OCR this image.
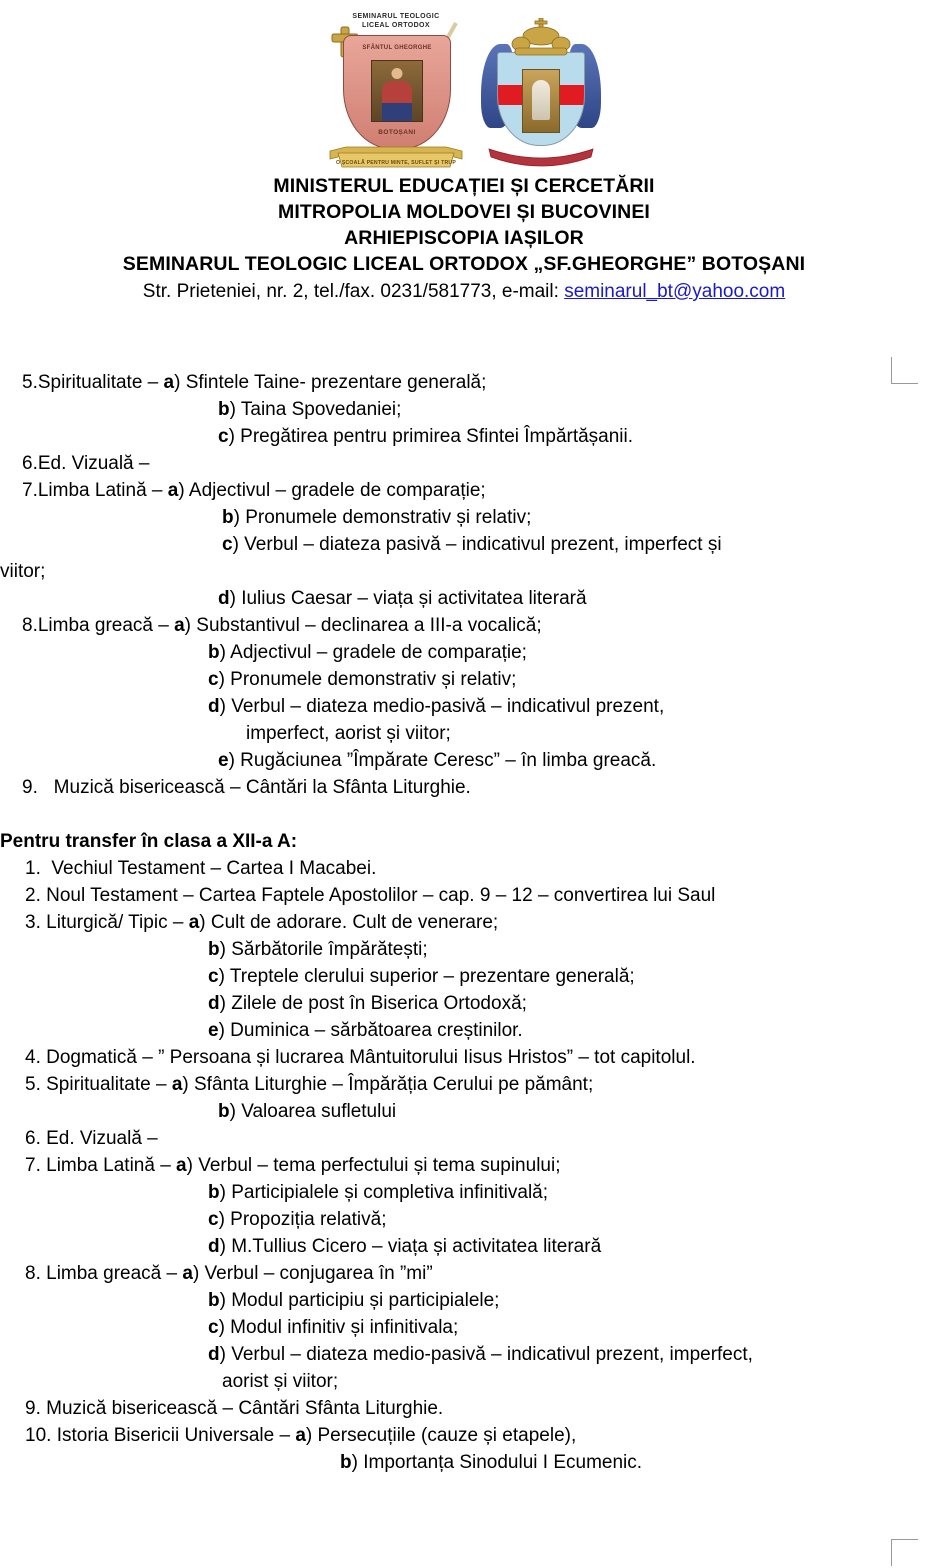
SEMINARUL TEOLOGIC
LICEAL ORTODOX
SFÂNTUL GHEORGHE
BOTOȘANI
O ȘCOALĂ PENTRU MINTE, SUFLET ȘI TRUP
MINISTERUL EDUCAȚIEI ȘI CERCETĂRII
MITROPOLIA MOLDOVEI ȘI BUCOVINEI
ARHIEPISCOPIA IAȘILOR
SEMINARUL TEOLOGIC LICEAL ORTODOX „SF.GHEORGHE” BOTOȘANI
Str. Prieteniei, nr. 2, tel./fax. 0231/581773, e-mail: seminarul_bt@yahoo.com

5.Spiritualitate – a) Sfintele Taine- prezentare generală;

b) Taina Spovedaniei;

c) Pregătirea pentru primirea Sfintei Împărtășanii.

6.Ed. Vizuală –

7.Limba Latină – a) Adjectivul – gradele de comparație;

b) Pronumele demonstrativ și relativ;

c) Verbul – diateza pasivă – indicativul prezent, imperfect și

viitor;

d) Iulius Caesar – viața și activitatea literară

8.Limba greacă – a) Substantivul – declinarea a III-a vocalică;

b) Adjectivul – gradele de comparație;

c) Pronumele demonstrativ și relativ;

d) Verbul – diateza medio-pasivă – indicativul prezent,

imperfect, aorist și viitor;

e) Rugăciunea ”Împărate Ceresc” – în limba greacă.

9.   Muzică bisericească – Cântări la Sfânta Liturghie.

Pentru transfer în clasa a XII-a A:

1.  Vechiul Testament – Cartea I Macabei.

2. Noul Testament – Cartea Faptele Apostolilor – cap. 9 – 12 – convertirea lui Saul

3. Liturgică/ Tipic – a) Cult de adorare. Cult de venerare;

b) Sărbătorile împărătești;

c) Treptele clerului superior – prezentare generală;

d) Zilele de post în Biserica Ortodoxă;

e) Duminica – sărbătoarea creștinilor.

4. Dogmatică – ” Persoana și lucrarea Mântuitorului Iisus Hristos” – tot capitolul.

5. Spiritualitate – a) Sfânta Liturghie – Împărăția Cerului pe pământ;

b) Valoarea sufletului

6. Ed. Vizuală –

7. Limba Latină – a) Verbul – tema perfectului și tema supinului;

b) Participialele și completiva infinitivală;

c) Propoziția relativă;

d) M.Tullius Cicero – viața și activitatea literară

8. Limba greacă – a) Verbul – conjugarea în ”mi”

b) Modul participiu și participialele;

c) Modul infinitiv și infinitivala;

d) Verbul – diateza medio-pasivă – indicativul prezent, imperfect,

aorist și viitor;

9. Muzică bisericească – Cântări Sfânta Liturghie.

10. Istoria Bisericii Universale – a) Persecuțiile (cauze și etapele),

b) Importanța Sinodului I Ecumenic.
